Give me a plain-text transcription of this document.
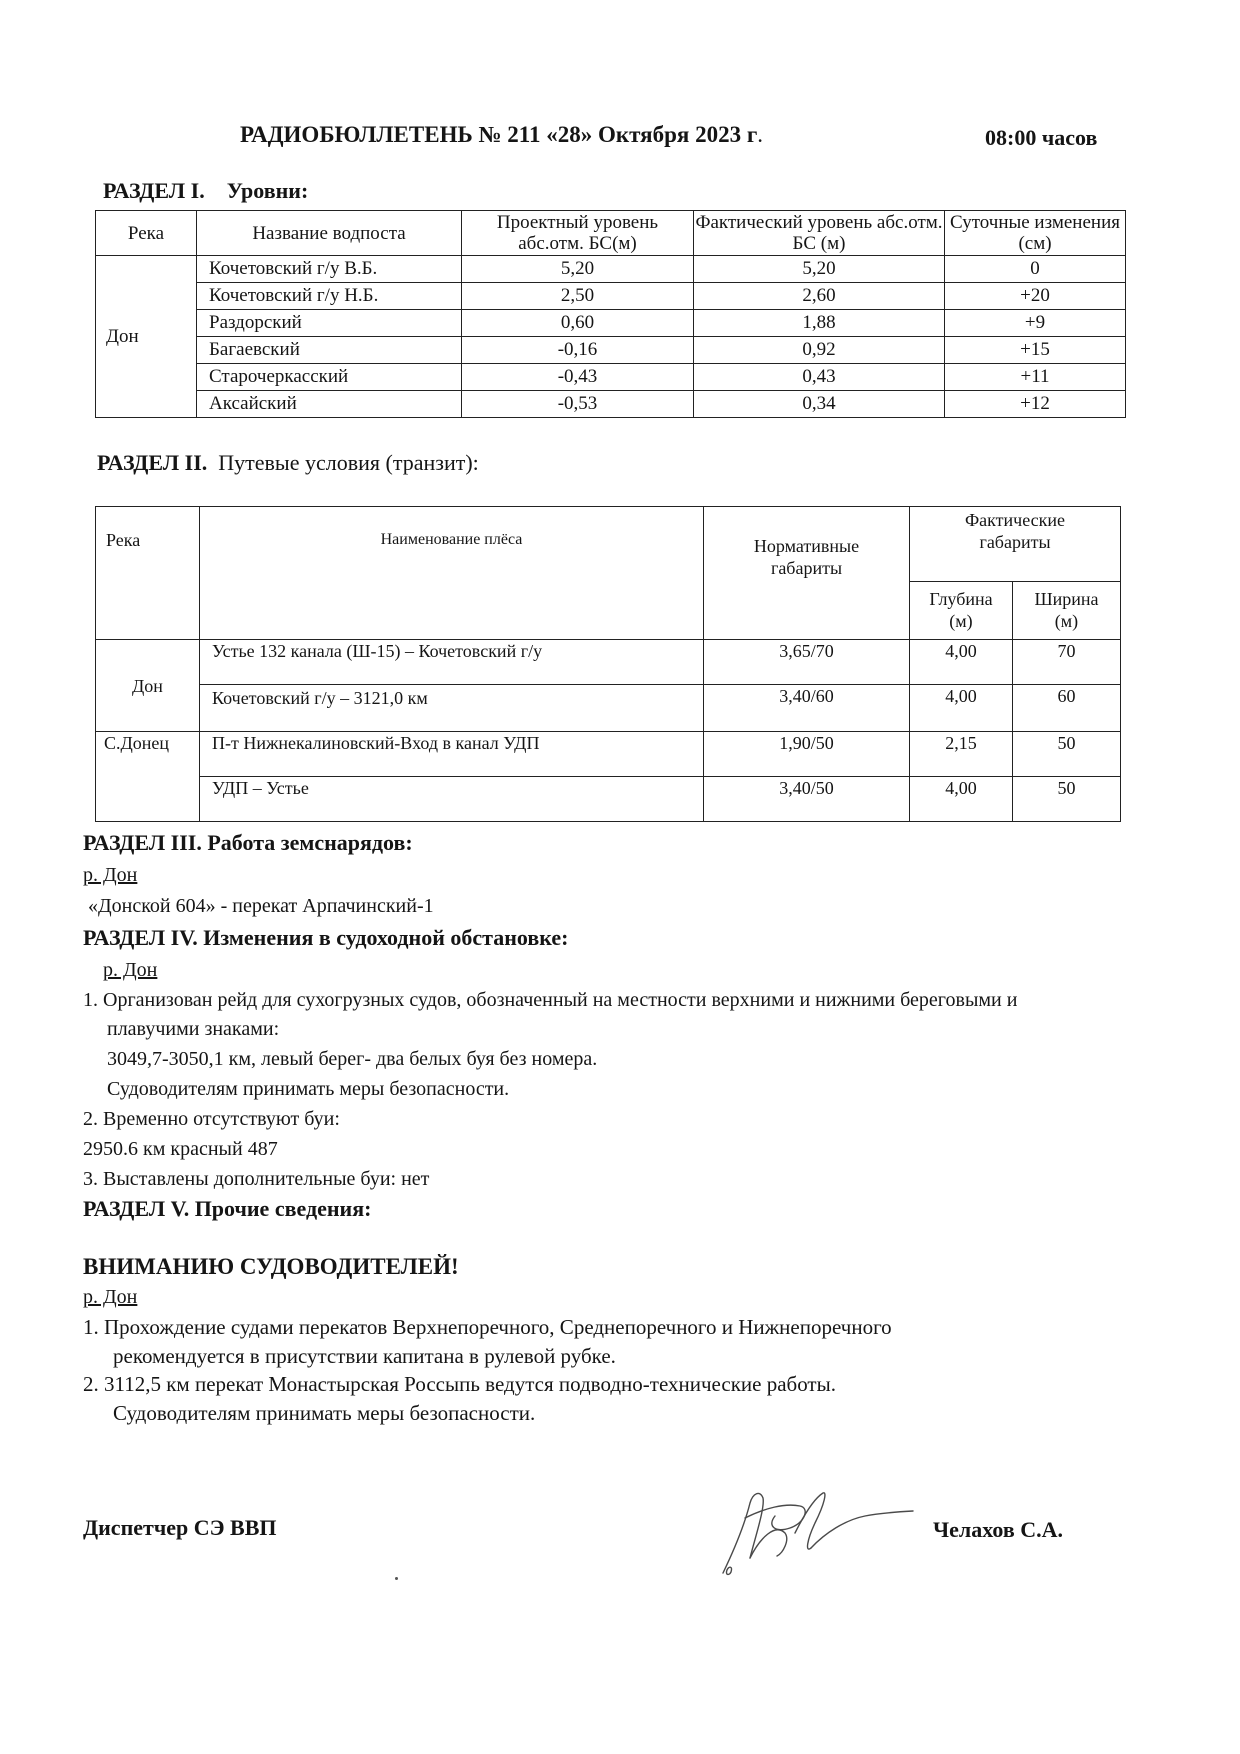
РАДИОБЮЛЛЕТЕНЬ № 211 «28» Октября 2023 г.	08:00 часов
РАЗДЕЛ I. Уровни:
Река	Название водпоста	Проектный уровень абс.отм. БС(м)	Фактический уровень абс.отм. БС (м)	Суточные изменения (см)
Дон	Кочетовский г/у В.Б.	5,20	5,20	0
	Кочетовский г/у Н.Б.	2,50	2,60	+20
	Раздорский	0,60	1,88	+9
	Багаевский	-0,16	0,92	+15
	Старочеркасский	-0,43	0,43	+11
	Аксайский	-0,53	0,34	+12
РАЗДЕЛ II. Путевые условия (транзит):
Река	Наименование плёса	Нормативные габариты	Фактические габариты	
			Глубина (м)	Ширина (м)
Дон	Устье 132 канала (Ш-15) – Кочетовский г/у	3,65/70	4,00	70
	Кочетовский г/у – 3121,0 км	3,40/60	4,00	60
С.Донец	П-т Нижнекалиновский-Вход в канал УДП	1,90/50	2,15	50
	УДП – Устье	3,40/50	4,00	50
РАЗДЕЛ III. Работа земснарядов:
р. Дон
«Донской 604» - перекат Арпачинский-1
РАЗДЕЛ IV. Изменения в судоходной обстановке:
р. Дон
1. Организован рейд для сухогрузных судов, обозначенный на местности верхними и нижними береговыми и
плавучими знаками:
3049,7-3050,1 км, левый берег- два белых буя без номера.
Судоводителям принимать меры безопасности.
2. Временно отсутствуют буи:
2950.6 км красный 487
3. Выставлены дополнительные буи: нет
РАЗДЕЛ V. Прочие сведения:
ВНИМАНИЮ СУДОВОДИТЕЛЕЙ!
р. Дон
1. Прохождение судами перекатов Верхнепоречного, Среднепоречного и Нижнепоречного
рекомендуется в присутствии капитана в рулевой рубке.
2. 3112,5 км перекат Монастырская Россыпь ведутся подводно-технические работы.
Судоводителям принимать меры безопасности.
Диспетчер СЭ ВВП	Челахов С.А.
